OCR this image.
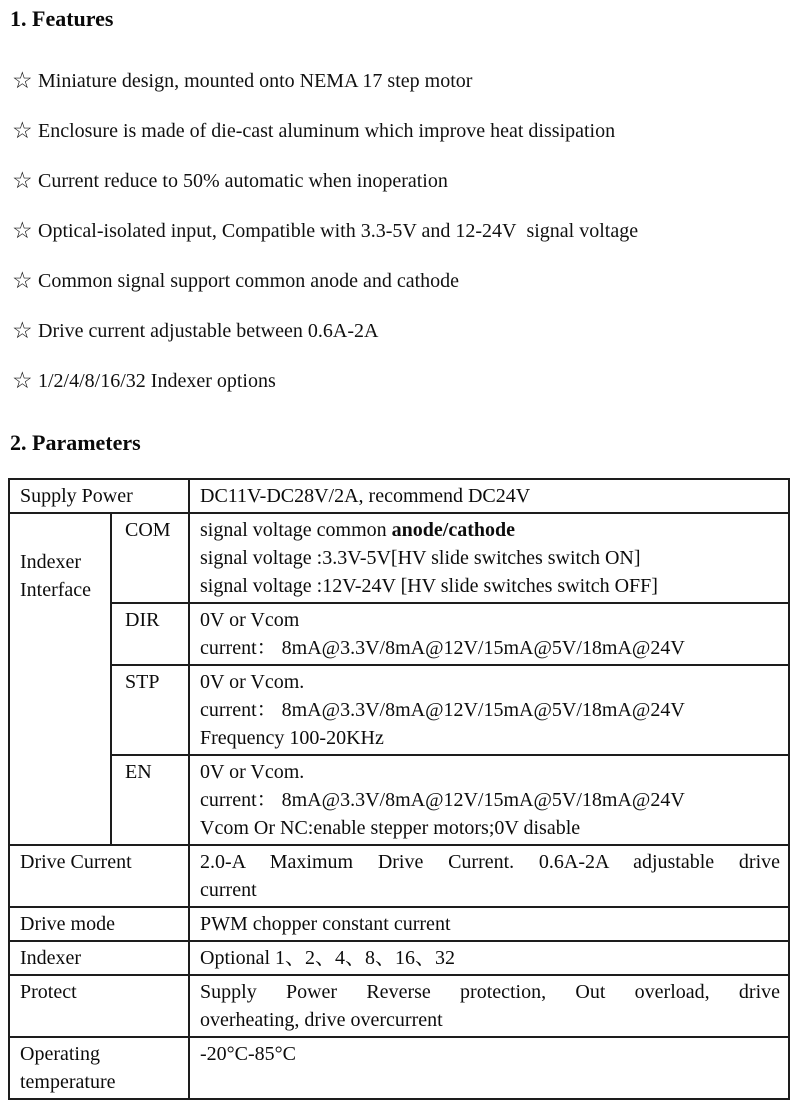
1. Features
☆ Miniature design, mounted onto NEMA 17 step motor
☆ Enclosure is made of die-cast aluminum which improve heat dissipation
☆ Current reduce to 50% automatic when inoperation
☆ Optical-isolated input, Compatible with 3.3-5V and 12-24V  signal voltage
☆ Common signal support common anode and cathode
☆ Drive current adjustable between 0.6A-2A
☆ 1/2/4/8/16/32 Indexer options
2. Parameters
Supply Power		DC11V-DC28V/2A, recommend DC24V
Indexer Interface	COM	signal voltage common anode/cathode
signal voltage :3.3V-5V[HV slide switches switch ON]
signal voltage :12V-24V [HV slide switches switch OFF]

	DIR	0V or Vcom
current： 8mA@3.3V/8mA@12V/15mA@5V/18mA@24V

	STP	0V or Vcom.
current： 8mA@3.3V/8mA@12V/15mA@5V/18mA@24V
Frequency 100-20KHz

	EN	0V or Vcom.
current： 8mA@3.3V/8mA@12V/15mA@5V/18mA@24V
Vcom Or NC:enable stepper motors;0V disable

Drive Current		2.0-A Maximum Drive Current. 0.6A-2A adjustable drive
current

Drive mode		PWM chopper constant current
Indexer		Optional 1、2、4、8、16、32
Protect		Supply Power Reverse protection, Out overload, drive
overheating, drive overcurrent

Operating temperature		-20°C-85°C
